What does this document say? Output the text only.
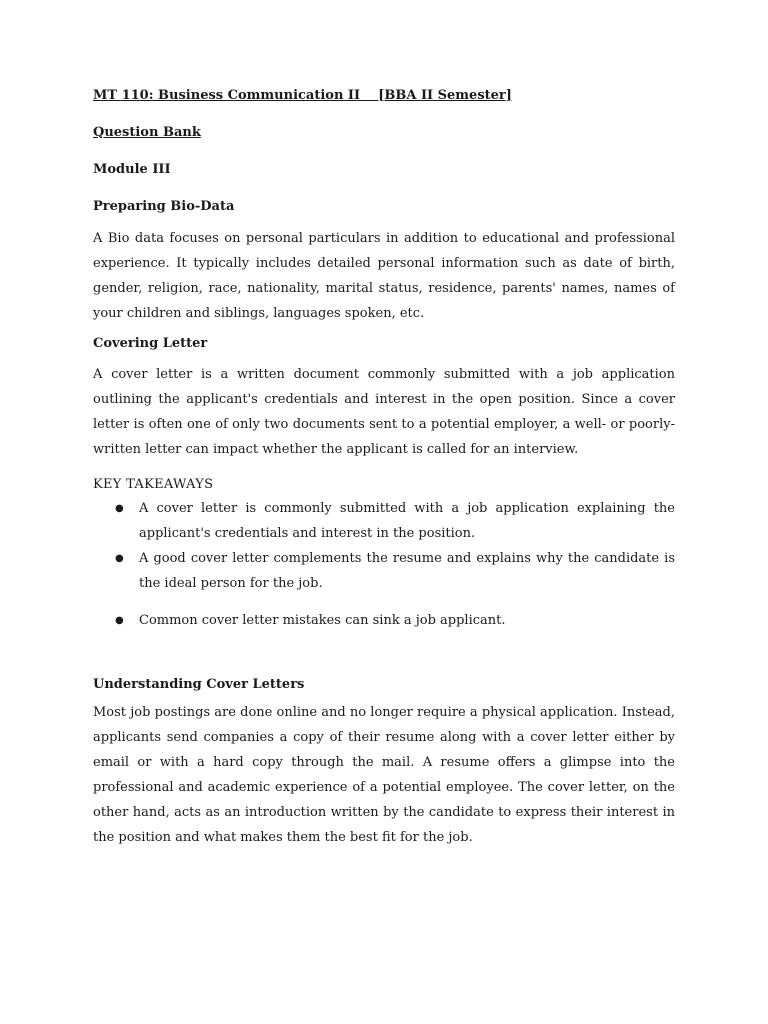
MT 110: Business Communication II    [BBA II Semester]

Question Bank

Module III

Preparing Bio-Data

A Bio data focuses on personal particulars in addition to educational and professional experience. It typically includes detailed personal information such as date of birth, gender, religion, race, nationality, marital status, residence, parents' names, names of your children and siblings, languages spoken, etc.

Covering Letter

A cover letter is a written document commonly submitted with a job application outlining the applicant's credentials and interest in the open position. Since a cover letter is often one of only two documents sent to a potential employer, a well- or poorly-written letter can impact whether the applicant is called for an interview.

KEY TAKEAWAYS

● A cover letter is commonly submitted with a job application explaining the applicant's credentials and interest in the position.
● A good cover letter complements the resume and explains why the candidate is the ideal person for the job.
● Common cover letter mistakes can sink a job applicant.

Understanding Cover Letters

Most job postings are done online and no longer require a physical application. Instead, applicants send companies a copy of their resume along with a cover letter either by email or with a hard copy through the mail. A resume offers a glimpse into the professional and academic experience of a potential employee. The cover letter, on the other hand, acts as an introduction written by the candidate to express their interest in the position and what makes them the best fit for the job.
